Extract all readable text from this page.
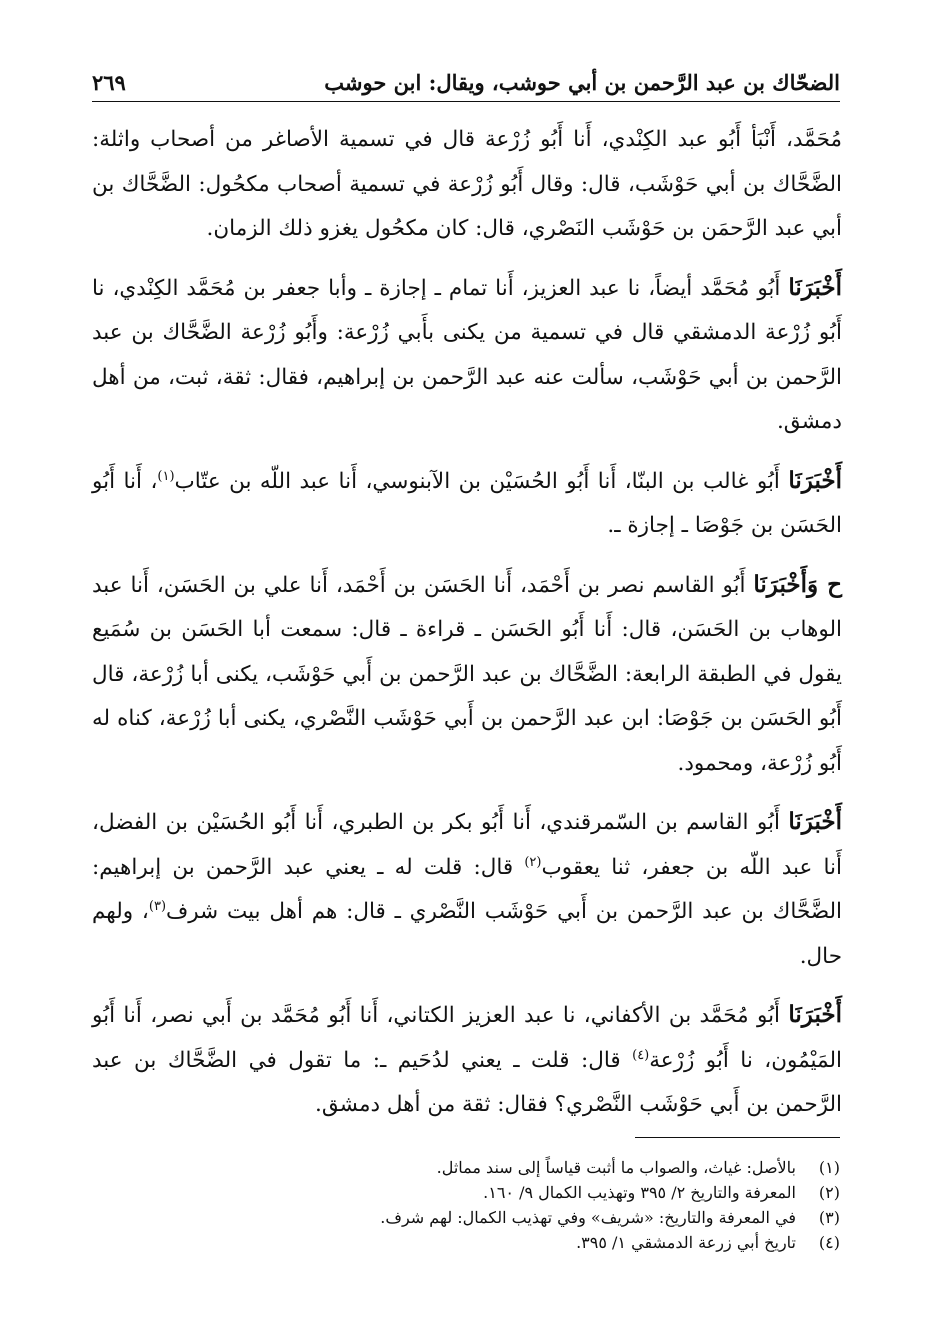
الضحّاك بن عبد الرَّحمن بن أبي حوشب، ويقال: ابن حوشب
٢٦٩

مُحَمَّد، أَنْبَأ أَبُو عبد الكِنْدي، أَنا أَبُو زُرْعة قال في تسمية الأصاغر من أصحاب واثلة: الضَّحَّاك بن أبي حَوْشَب، قال: وقال أَبُو زُرْعة في تسمية أصحاب مكحُول: الضَّحَّاك بن أبي عبد الرَّحمَن بن حَوْشَب النَصْري، قال: كان مكحُول يغزو ذلك الزمان.

أَخْبَرَنَا أَبُو مُحَمَّد أيضاً، نا عبد العزيز، أَنا تمام ـ إجازة ـ وأبا جعفر بن مُحَمَّد الكِنْدي، نا أَبُو زُرْعة الدمشقي قال في تسمية من يكنى بأَبي زُرْعة: وأَبُو زُرْعة الضَّحَّاك بن عبد الرَّحمن بن أبي حَوْشَب، سألت عنه عبد الرَّحمن بن إبراهيم، فقال: ثقة، ثبت، من أهل دمشق.

أَخْبَرَنَا أَبُو غالب بن البنّا، أَنا أَبُو الحُسَيْن بن الآبنوسي، أَنا عبد اللّه بن عتّاب$^{(١)}$، أَنا أَبُو الحَسَن بن جَوْصَا ـ إجازة ـ.

ح وَأَخْبَرَنَا أَبُو القاسم نصر بن أَحْمَد، أَنا الحَسَن بن أَحْمَد، أَنا علي بن الحَسَن، أَنا عبد الوهاب بن الحَسَن، قال: أَنا أَبُو الحَسَن ـ قراءة ـ قال: سمعت أبا الحَسَن بن سُمَيع يقول في الطبقة الرابعة: الضَّحَّاك بن عبد الرَّحمن بن أَبي حَوْشَب، يكنى أبا زُرْعة، قال أَبُو الحَسَن بن جَوْصَا: ابن عبد الرَّحمن بن أَبي حَوْشَب النَّصْري، يكنى أبا زُرْعة، كناه له أَبُو زُرْعة، ومحمود.

أَخْبَرَنَا أَبُو القاسم بن السّمرقندي، أَنا أَبُو بكر بن الطبري، أَنا أَبُو الحُسَيْن بن الفضل، أَنا عبد اللّه بن جعفر، ثنا يعقوب$^{(٢)}$ قال: قلت له ـ يعني عبد الرَّحمن بن إبراهيم: الضَّحَّاك بن عبد الرَّحمن بن أَبي حَوْشَب النَّصْري ـ قال: هم أهل بيت شرف$^{(٣)}$، ولهم حال.

أَخْبَرَنَا أَبُو مُحَمَّد بن الأكفاني، نا عبد العزيز الكتاني، أَنا أَبُو مُحَمَّد بن أَبي نصر، أَنا أَبُو المَيْمُون، نا أَبُو زُرْعة$^{(٤)}$ قال: قلت ـ يعني لدُحَيم ـ: ما تقول في الضَّحَّاك بن عبد الرَّحمن بن أَبي حَوْشَب النَّصْري؟ فقال: ثقة من أهل دمشق.

(١)
بالأصل: غياث، والصواب ما أثبت قياساً إلى سند مماثل.

(٢)
المعرفة والتاريخ ٢/ ٣٩٥ وتهذيب الكمال ٩/ ١٦٠.

(٣)
في المعرفة والتاريخ: «شريف» وفي تهذيب الكمال: لهم شرف.

(٤)
تاريخ أبي زرعة الدمشقي ١/ ٣٩٥.
